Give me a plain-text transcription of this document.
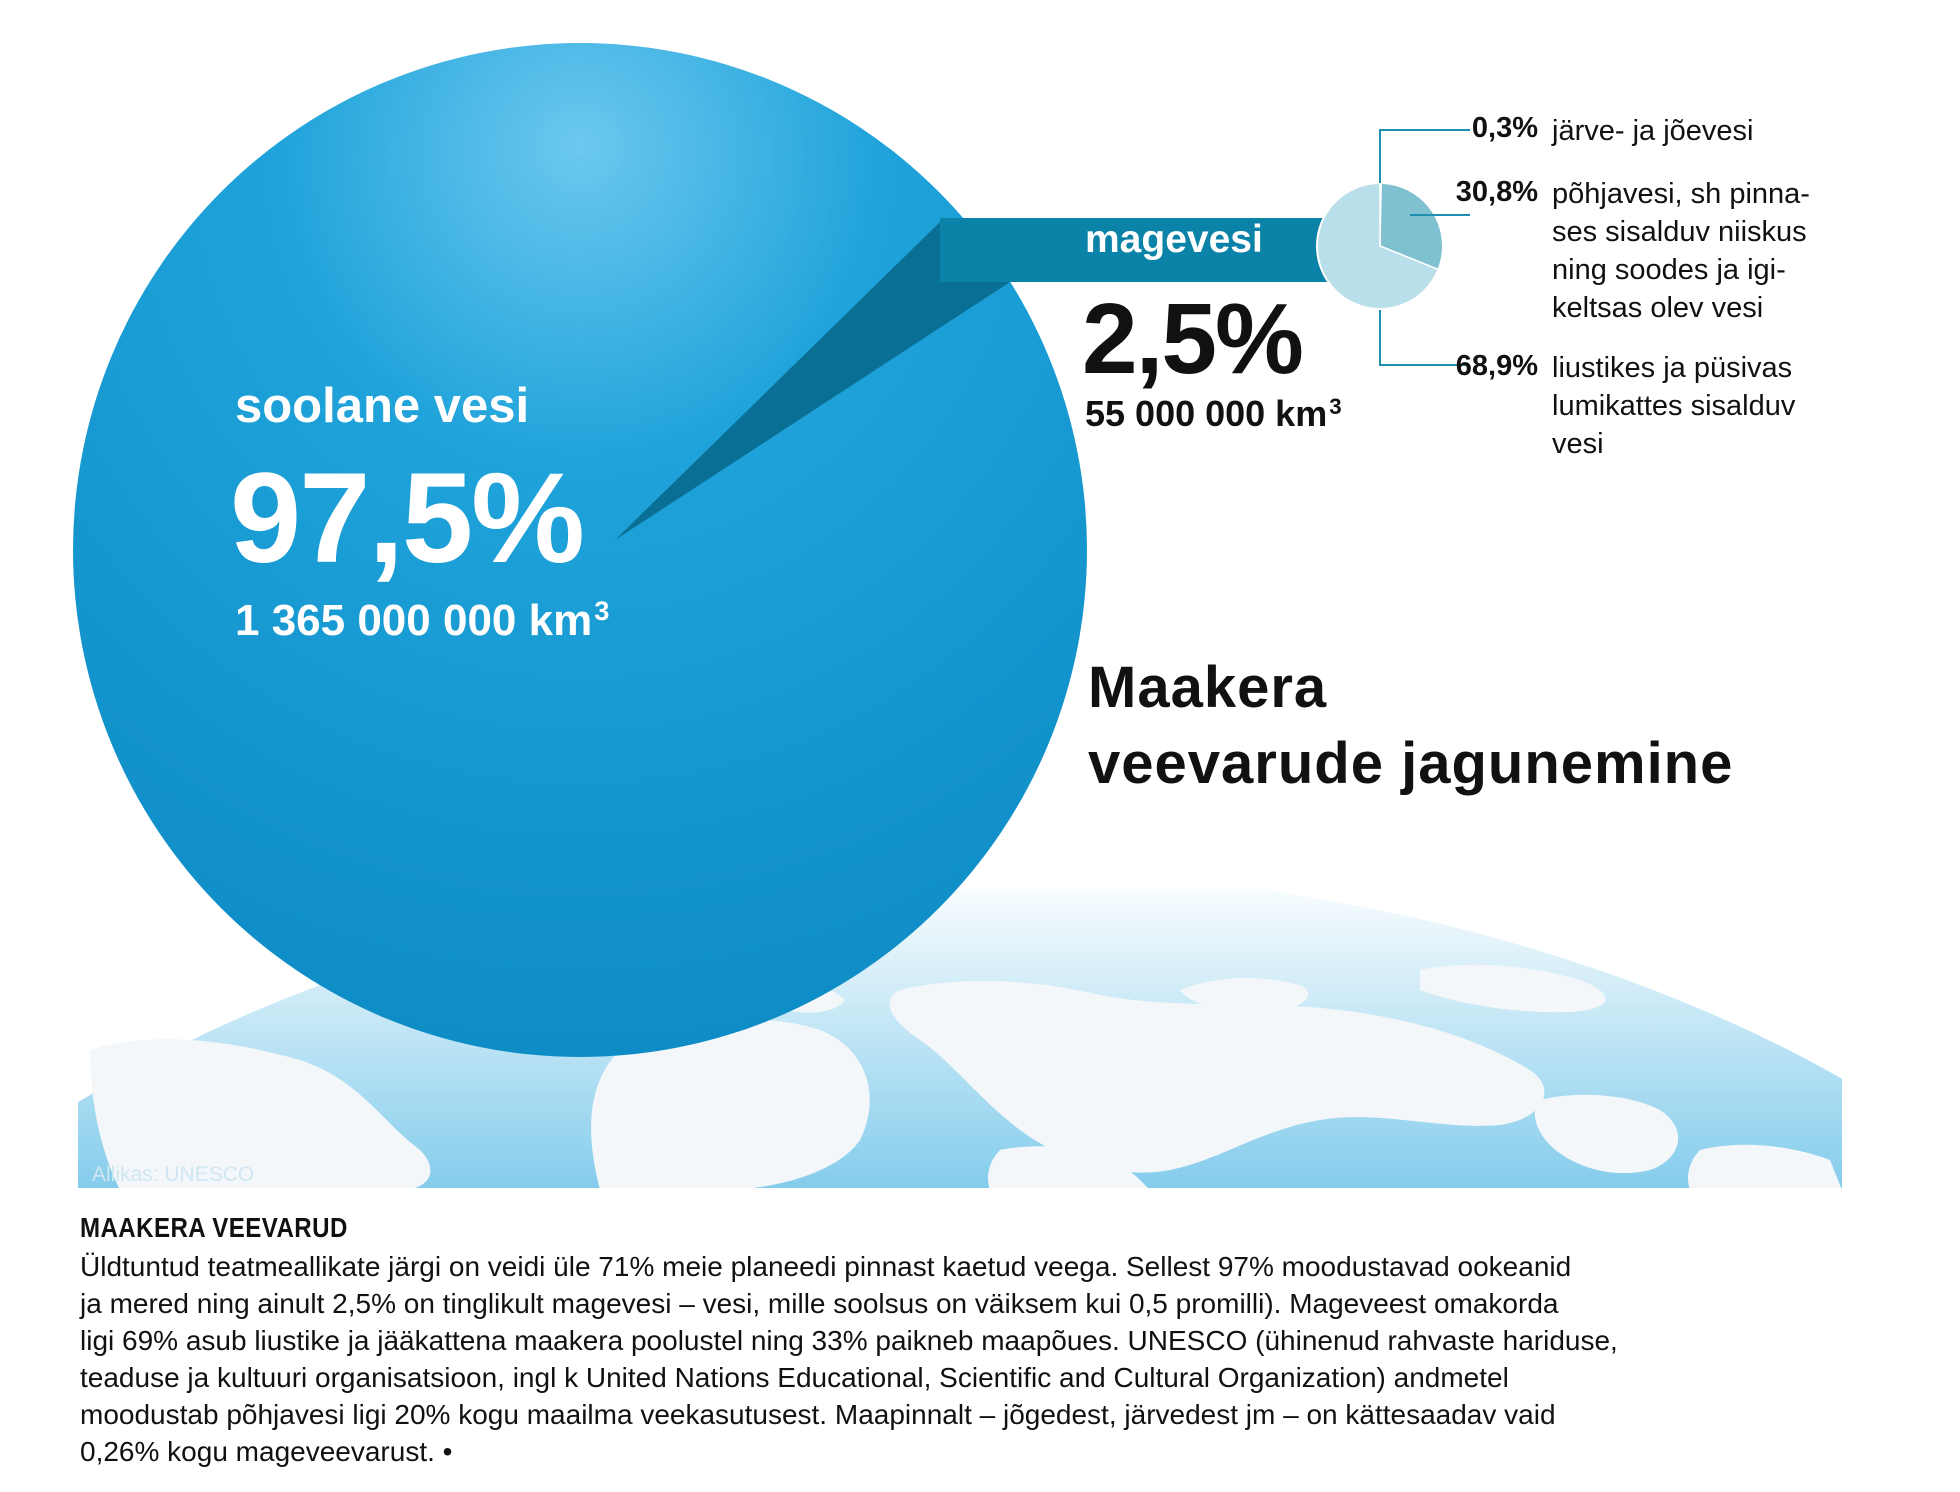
soolane vesi
97,5%
1 365 000 000 $km^3$
magevesi
2,5%
55 000 000 $km^3$
0,3% järve- ja jõevesi
30,8% põhjavesi, sh pinna-
ses sisalduv niiskus
ning soodes ja igi-
keltsas olev vesi
68,9% liustikes ja püsivas
lumikattes sisalduv
vesi
Maakera
veevarude jagunemine
Allikas: UNESCO
MAAKERA VEEVARUD
Üldtuntud teatmeallikate järgi on veidi üle 71% meie planeedi pinnast kaetud veega. Sellest 97% moodustavad ookeanid
ja mered ning ainult 2,5% on tinglikult magevesi – vesi, mille soolsus on väiksem kui 0,5 promilli). Mageveest omakorda
ligi 69% asub liustike ja jääkattena maakera poolustel ning 33% paikneb maapõues. UNESCO (ühinenud rahvaste hariduse,
teaduse ja kultuuri organisatsioon, ingl k United Nations Educational, Scientific and Cultural Organization) andmetel
moodustab põhjavesi ligi 20% kogu maailma veekasutusest. Maapinnalt – jõgedest, järvedest jm – on kättesaadav vaid
0,26% kogu mageveevarust. •
